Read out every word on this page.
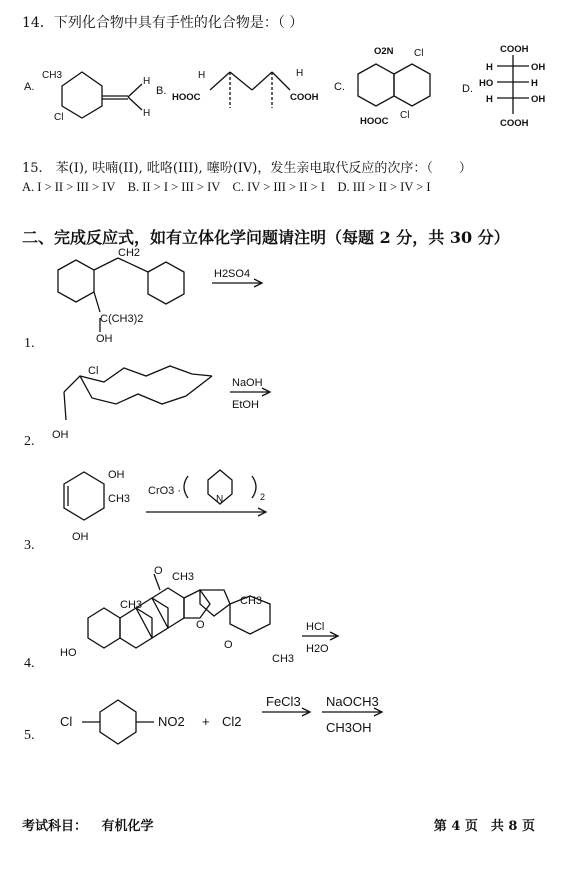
14．下列化合物中具有手性的化合物是：（ ）
A.
CH3
Cl
H
H
B.
H	H
HOOC	COOH
C.
O2N Cl
HOOC
Cl
D.
COOH
H	OH
HO	H
H	OH
COOH
CH2
C(CH3)2
OH
H2SO4
Cl
OH
NaOH
EtOH
OH
CH3
OH
CrO3 ·
N	2
O CH3
CH3	CH3
CH3
HO
O
O
HCl
H2O
Cl	NO2 + Cl2
FeCl3 NaOCH3
CH3OH
15.　苯(I), 呋喃(II), 吡咯(III), 噻吩(IV)，发生亲电取代反应的次序：（　　）
A. I > II > III > IV　B. II > I > III > IV　C. IV > III > II > I　D. III > II > IV > I
二、完成反应式，如有立体化学问题请注明（每题 2 分，共 30 分）
1.
2.
3.
4.
5.
考试科目： 有机化学	第 4 页　共 8 页
